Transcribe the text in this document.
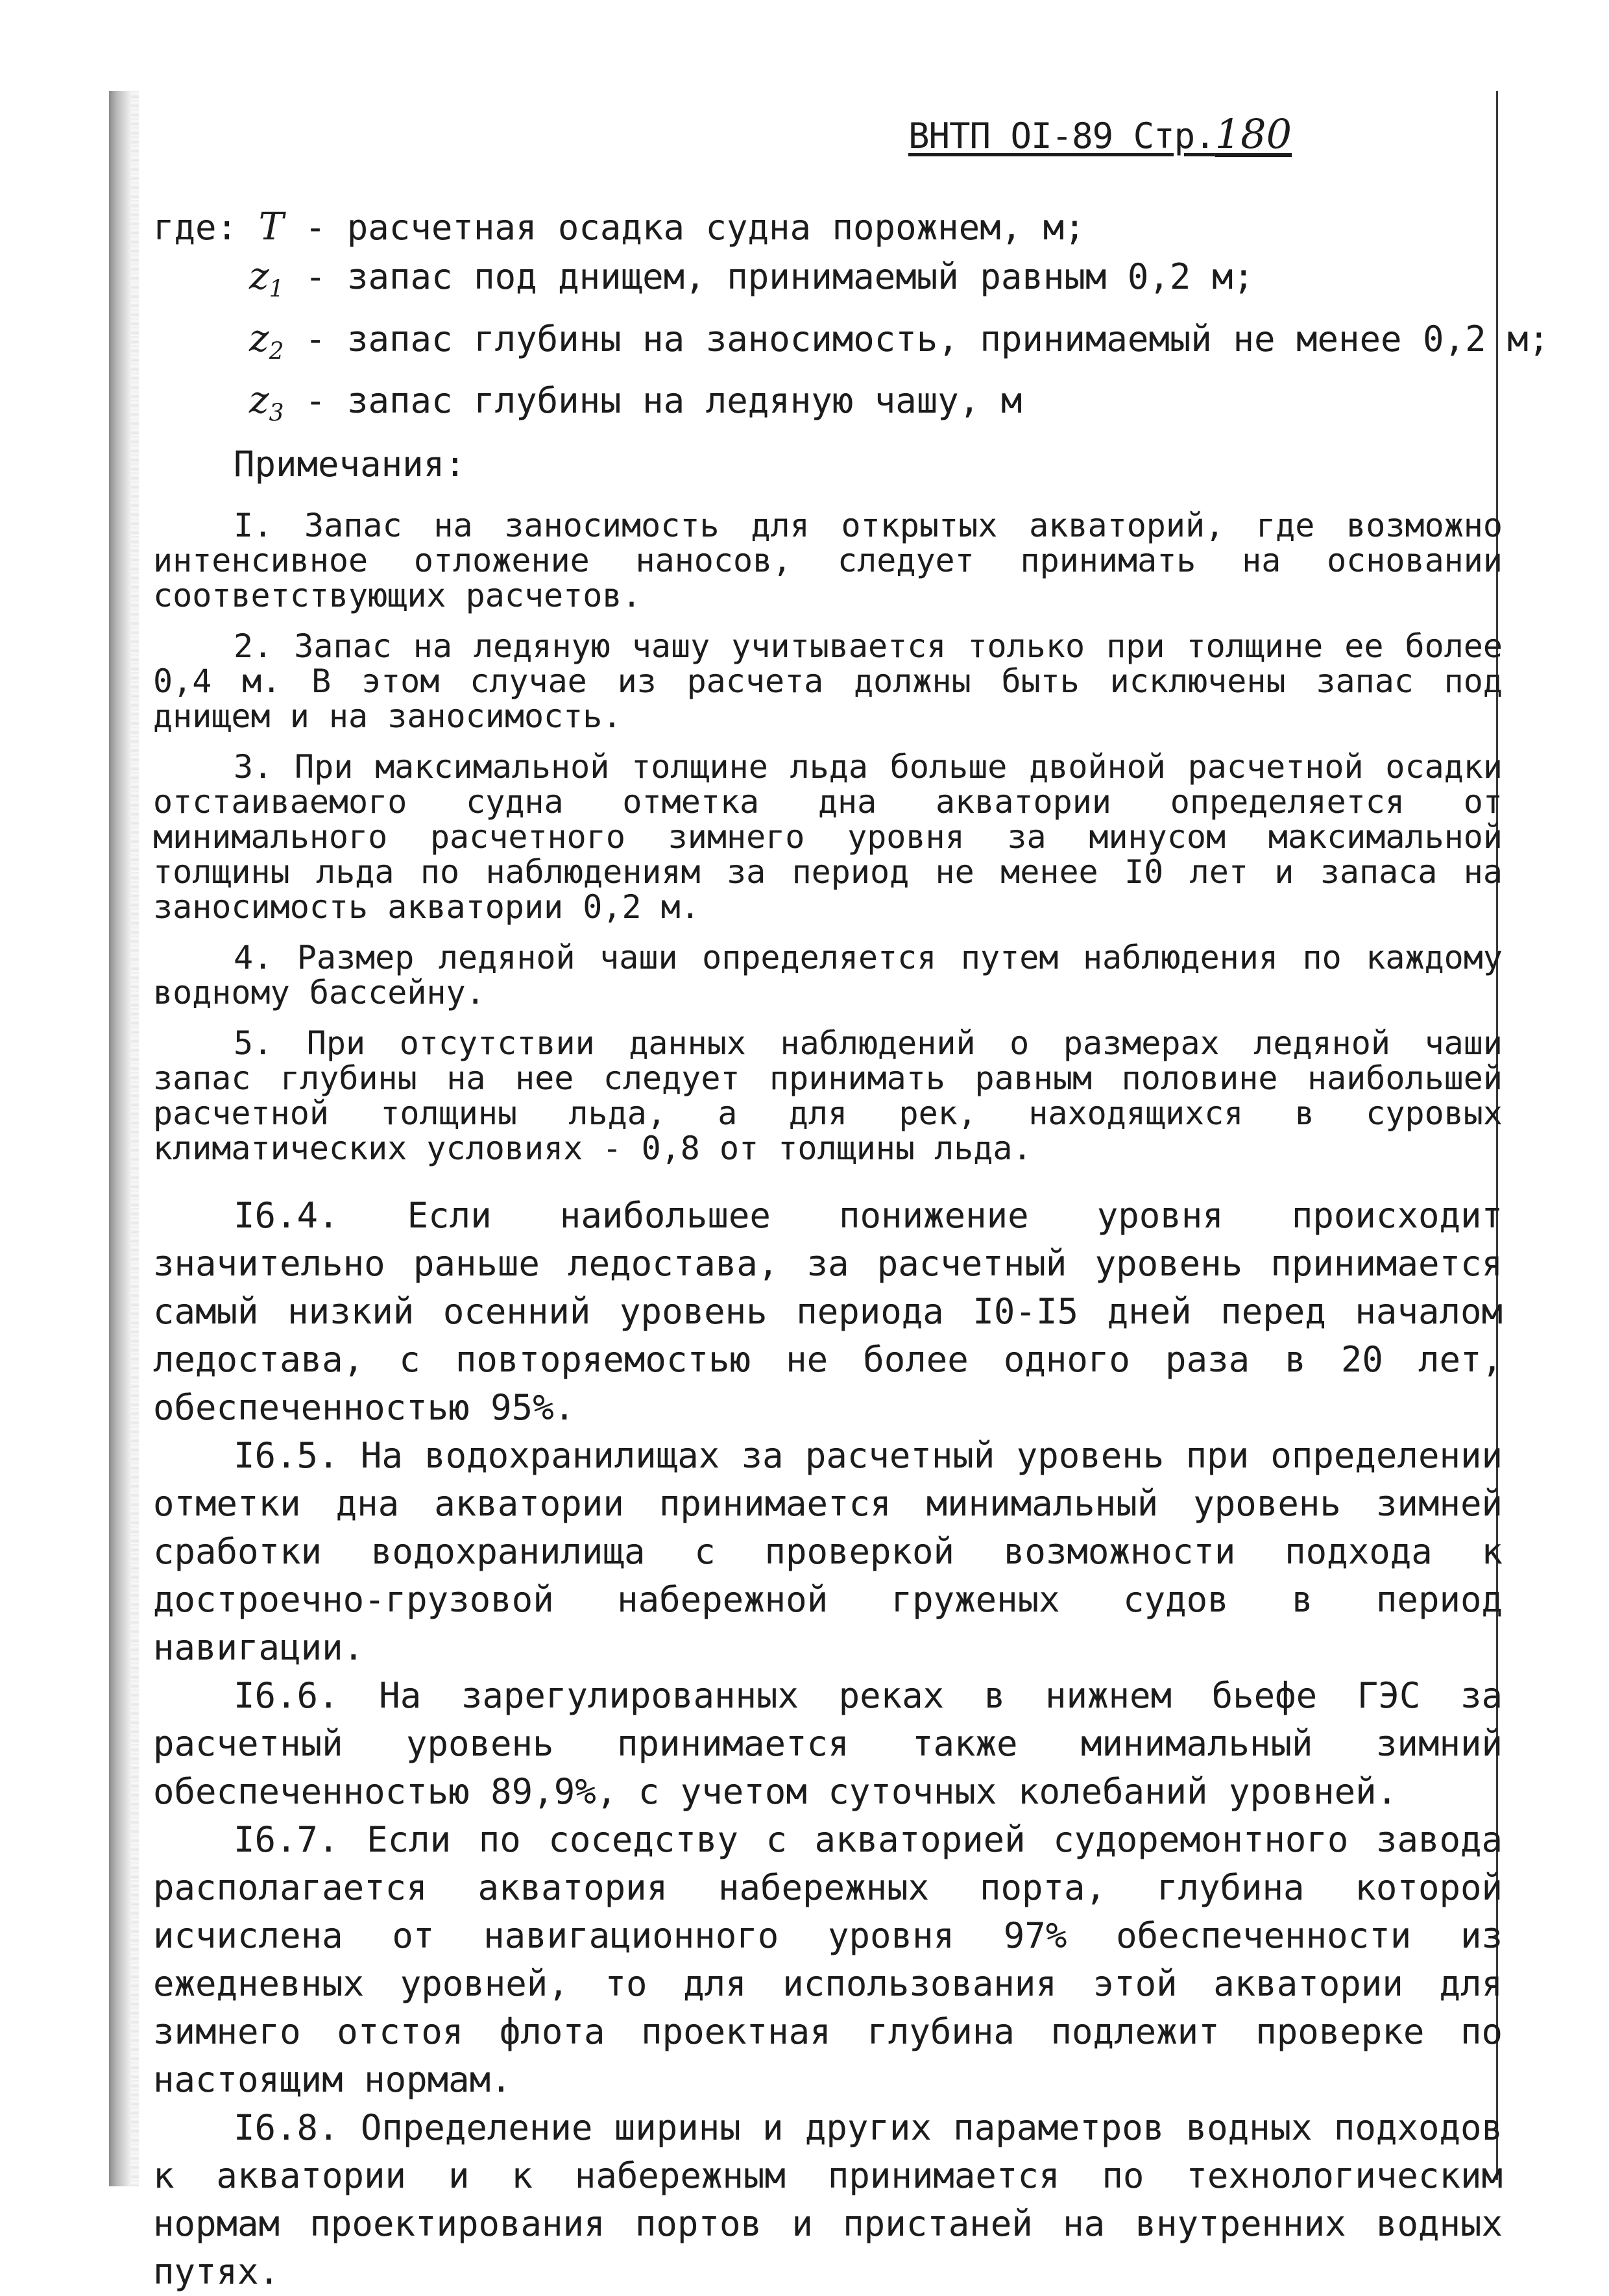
ВНТП ОI-89 Стр.180

где: T - расчетная осадка судна порожнем, м;

$z_1$ - запас под днищем, принимаемый равным 0,2 м;

$z_2$ - запас глубины на заносимость, принимаемый не менее 0,2 м;

$z_3$ - запас глубины на ледяную чашу, м

Примечания:

I. Запас на заносимость для открытых акваторий, где возможно интенсивное отложение наносов, следует принимать на основании соответствующих расчетов.

2. Запас на ледяную чашу учитывается только при толщине ее более 0,4 м. В этом случае из расчета должны быть исключены запас под днищем и на заносимость.

3. При максимальной толщине льда больше двойной расчетной осадки отстаиваемого судна отметка дна акватории определяется от минимального расчетного зимнего уровня за минусом максимальной толщины льда по наблюдениям за период не менее I0 лет и запаса на заносимость акватории 0,2 м.

4. Размер ледяной чаши определяется путем наблюдения по каждому водному бассейну.

5. При отсутствии данных наблюдений о размерах ледяной чаши запас глубины на нее следует принимать равным половине наибольшей расчетной толщины льда, а для рек, находящихся в суровых климатических условиях - 0,8 от толщины льда.

I6.4. Если наибольшее понижение уровня происходит значительно раньше ледостава, за расчетный уровень принимается самый низкий осенний уровень периода I0-I5 дней перед началом ледостава, с повторяемостью не более одного раза в 20 лет, обеспеченностью 95%.

I6.5. На водохранилищах за расчетный уровень при определении отметки дна акватории принимается минимальный уровень зимней сработки водохранилища с проверкой возможности подхода к достроечно-грузовой набережной груженых судов в период навигации.

I6.6. На зарегулированных реках в нижнем бьефе ГЭС за расчетный уровень принимается также минимальный зимний обеспеченностью 89,9%, с учетом суточных колебаний уровней.

I6.7. Если по соседству с акваторией судоремонтного завода располагается акватория набережных порта, глубина которой исчислена от навигационного уровня 97% обеспеченности из ежедневных уровней, то для использования этой акватории для зимнего отстоя флота проектная глубина подлежит проверке по настоящим нормам.

I6.8. Определение ширины и других параметров водных подходов к акватории и к набережным принимается по технологическим нормам проектирования портов и пристаней на внутренних водных путях.
